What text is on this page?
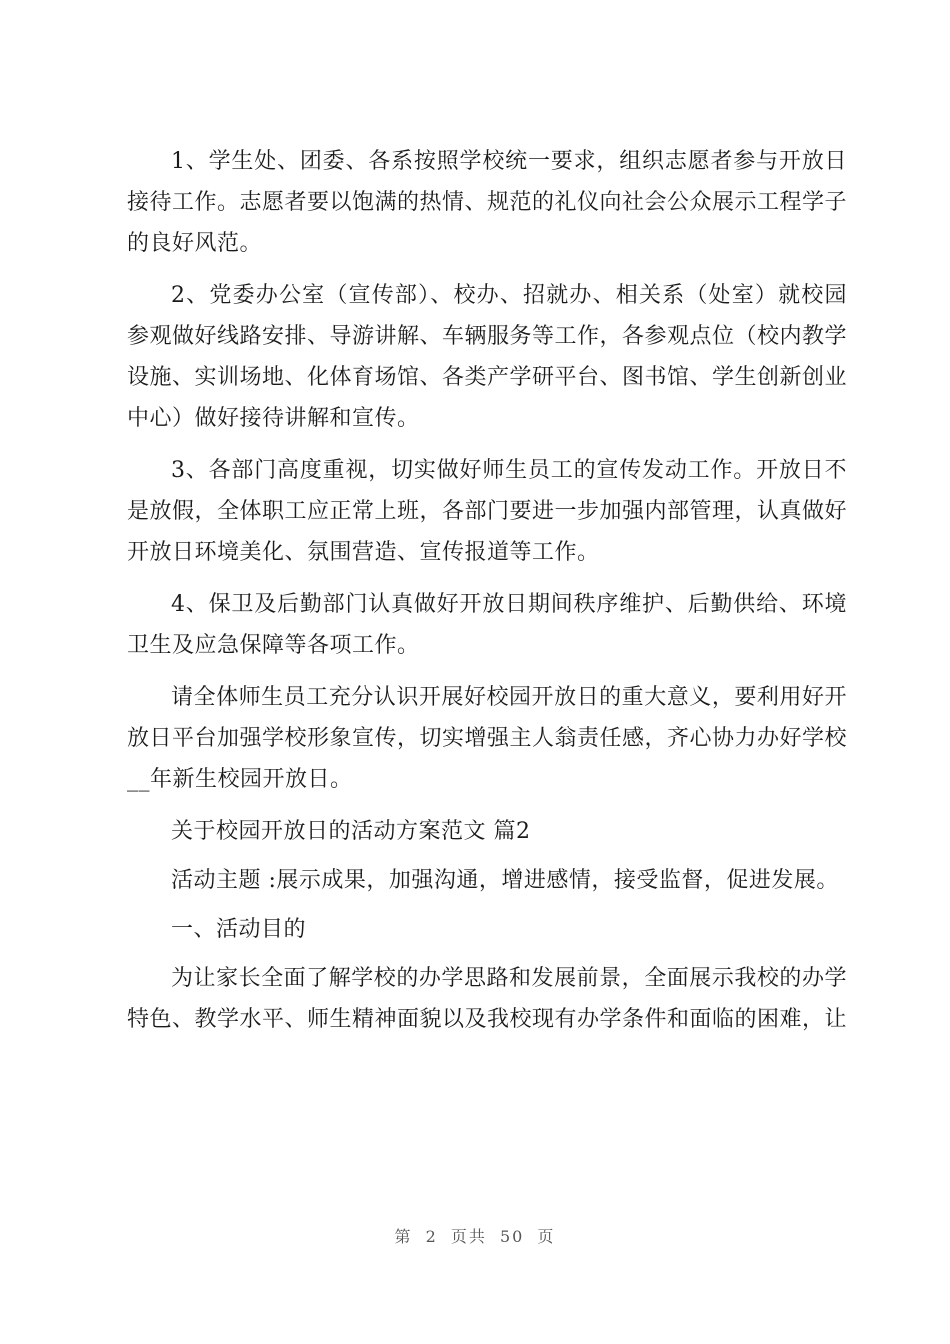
1、学生处、团委、各系按照学校统一要求，组织志愿者参与开放日接待工作。志愿者要以饱满的热情、规范的礼仪向社会公众展示工程学子的良好风范。

2、党委办公室（宣传部）、校办、招就办、相关系（处室）就校园参观做好线路安排、导游讲解、车辆服务等工作，各参观点位（校内教学设施、实训场地、化体育场馆、各类产学研平台、图书馆、学生创新创业中心）做好接待讲解和宣传。

3、各部门高度重视，切实做好师生员工的宣传发动工作。开放日不是放假，全体职工应正常上班，各部门要进一步加强内部管理，认真做好开放日环境美化、氛围营造、宣传报道等工作。

4、保卫及后勤部门认真做好开放日期间秩序维护、后勤供给、环境卫生及应急保障等各项工作。

请全体师生员工充分认识开展好校园开放日的重大意义，要利用好开放日平台加强学校形象宣传，切实增强主人翁责任感，齐心协力办好学校__年新生校园开放日。

关于校园开放日的活动方案范文 篇2

活动主题 :展示成果，加强沟通，增进感情，接受监督，促进发展。

一、活动目的

为让家长全面了解学校的办学思路和发展前景，全面展示我校的办学特色、教学水平、师生精神面貌以及我校现有办学条件和面临的困难，让

第 2 页共 50 页
